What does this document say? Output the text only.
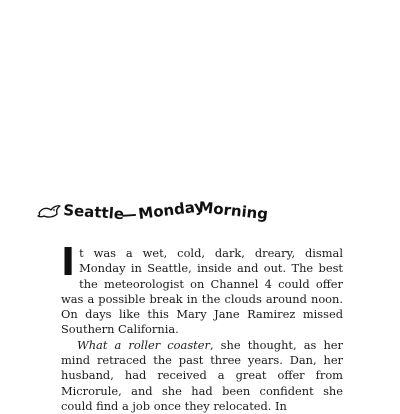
Seattle
— Monday
Morning

It was a wet, cold, dark, dreary, dismal Monday in Seattle, inside and out. The best the meteorologist on Channel 4 could offer was a possible break in the clouds around noon. On days like this Mary Jane Ramirez missed Southern California.

What a roller coaster, she thought, as her mind retraced the past three years. Dan, her husband, had received a great offer from Microrule, and she had been confident she could find a job once they relocated. In
